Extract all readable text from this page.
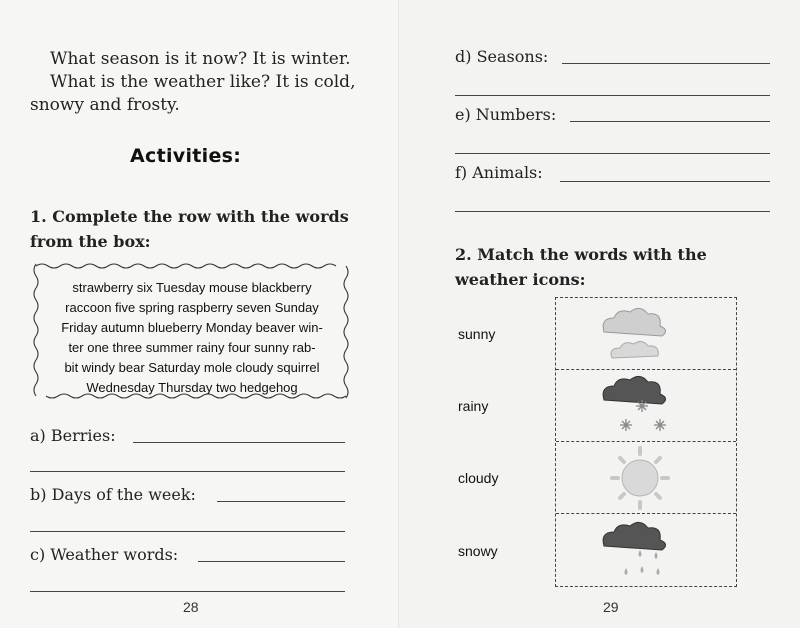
What season is it now? It is winter.
What is the weather like? It is cold,
snowy and frosty.

Activities:
1. Complete the row with the words
from the box:
strawberry six Tuesday mouse blackberry
raccoon five spring raspberry seven Sunday
Friday autumn blueberry Monday beaver win-
ter one three summer rainy four sunny rab-
bit windy bear Saturday mole cloudy squirrel
Wednesday Thursday two hedgehog
a) Berries:
b) Days of the week:
c) Weather words:
28
d) Seasons:
e) Numbers:
f) Animals:
2. Match the words with the
weather icons:
29
sunny
rainy
cloudy
snowy
